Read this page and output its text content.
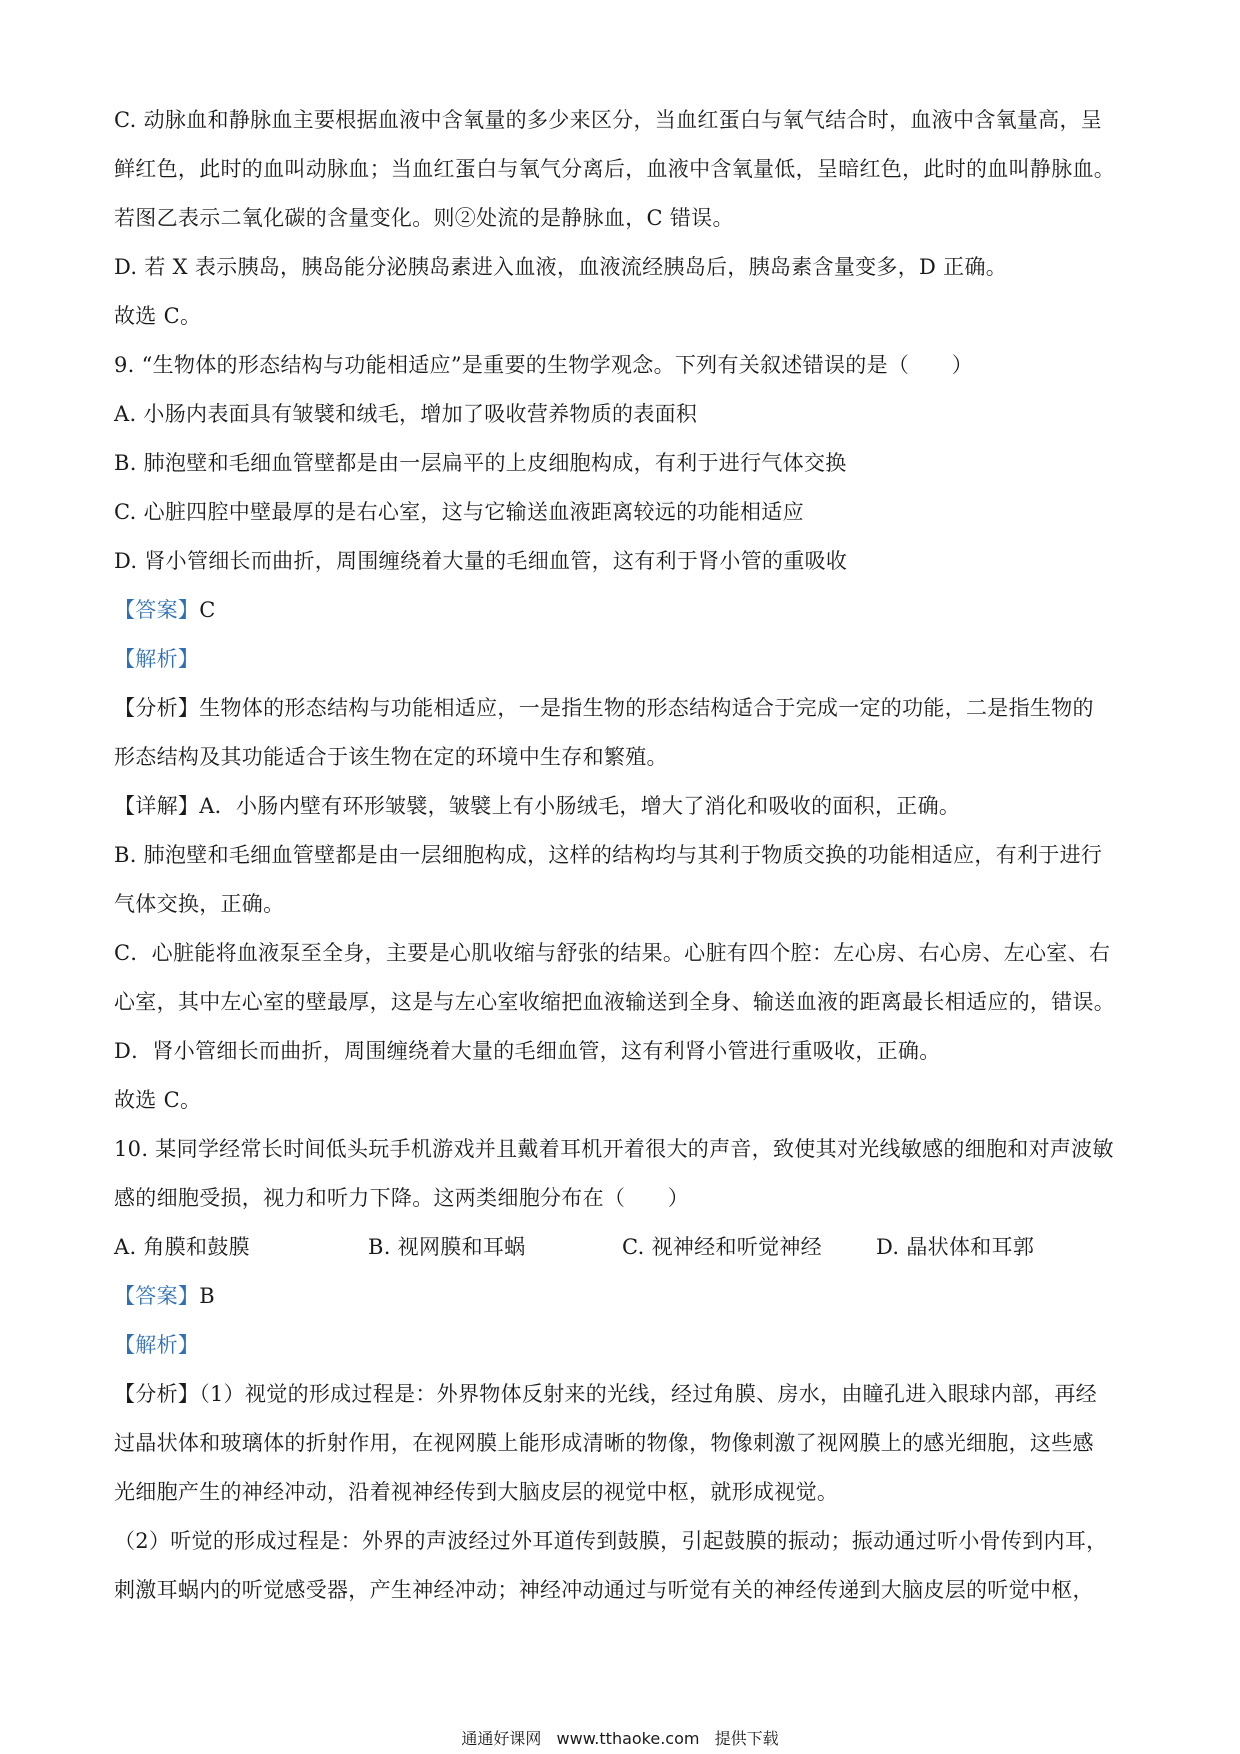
C. 动脉血和静脉血主要根据血液中含氧量的多少来区分，当血红蛋白与氧气结合时，血液中含氧量高，呈
鲜红色，此时的血叫动脉血；当血红蛋白与氧气分离后，血液中含氧量低，呈暗红色，此时的血叫静脉血。
若图乙表示二氧化碳的含量变化。则②处流的是静脉血，C 错误。
D. 若 X 表示胰岛，胰岛能分泌胰岛素进入血液，血液流经胰岛后，胰岛素含量变多，D 正确。
故选 C。
9. “生物体的形态结构与功能相适应”是重要的生物学观念。下列有关叙述错误的是（　　）
A. 小肠内表面具有皱襞和绒毛，增加了吸收营养物质的表面积
B. 肺泡壁和毛细血管壁都是由一层扁平的上皮细胞构成，有利于进行气体交换
C. 心脏四腔中壁最厚的是右心室，这与它输送血液距离较远的功能相适应
D. 肾小管细长而曲折，周围缠绕着大量的毛细血管，这有利于肾小管的重吸收
【答案】C
【解析】
【分析】生物体的形态结构与功能相适应，一是指生物的形态结构适合于完成一定的功能，二是指生物的
形态结构及其功能适合于该生物在定的环境中生存和繁殖。
【详解】A．小肠内壁有环形皱襞，皱襞上有小肠绒毛，增大了消化和吸收的面积，正确。
B. 肺泡壁和毛细血管壁都是由一层细胞构成，这样的结构均与其利于物质交换的功能相适应，有利于进行
气体交换，正确。
C．心脏能将血液泵至全身，主要是心肌收缩与舒张的结果。心脏有四个腔：左心房、右心房、左心室、右
心室，其中左心室的壁最厚，这是与左心室收缩把血液输送到全身、输送血液的距离最长相适应的，错误。
D．肾小管细长而曲折，周围缠绕着大量的毛细血管，这有利肾小管进行重吸收，正确。
故选 C。
10. 某同学经常长时间低头玩手机游戏并且戴着耳机开着很大的声音，致使其对光线敏感的细胞和对声波敏
感的细胞受损，视力和听力下降。这两类细胞分布在（　　）
A. 角膜和鼓膜	B. 视网膜和耳蜗	C. 视神经和听觉神经	D. 晶状体和耳郭
【答案】B
【解析】
【分析】（1）视觉的形成过程是：外界物体反射来的光线，经过角膜、房水，由瞳孔进入眼球内部，再经
过晶状体和玻璃体的折射作用，在视网膜上能形成清晰的物像，物像刺激了视网膜上的感光细胞，这些感
光细胞产生的神经冲动，沿着视神经传到大脑皮层的视觉中枢，就形成视觉。
（2）听觉的形成过程是：外界的声波经过外耳道传到鼓膜，引起鼓膜的振动；振动通过听小骨传到内耳，
刺激耳蜗内的听觉感受器，产生神经冲动；神经冲动通过与听觉有关的神经传递到大脑皮层的听觉中枢，
通通好课网 www.tthaoke.com 提供下载
